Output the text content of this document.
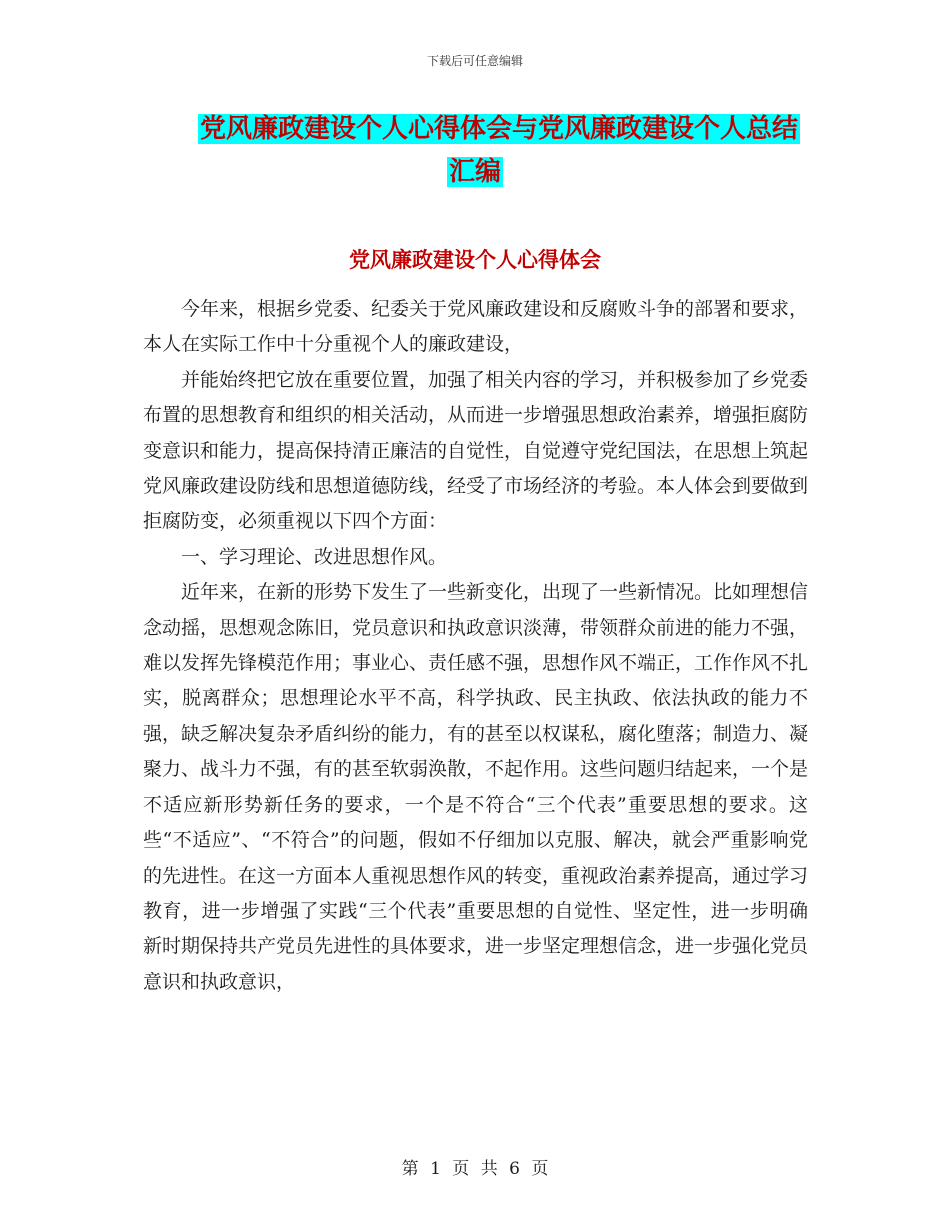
下载后可任意编辑
党风廉政建设个人心得体会与党风廉政建设个人总结
汇编
党风廉政建设个人心得体会

今年来，根据乡党委、纪委关于党风廉政建设和反腐败斗争的部署和要求，本人在实际工作中十分重视个人的廉政建设，

并能始终把它放在重要位置，加强了相关内容的学习，并积极参加了乡党委布置的思想教育和组织的相关活动，从而进一步增强思想政治素养，增强拒腐防变意识和能力，提高保持清正廉洁的自觉性，自觉遵守党纪国法，在思想上筑起党风廉政建设防线和思想道德防线，经受了市场经济的考验。本人体会到要做到拒腐防变，必须重视以下四个方面：

一、学习理论、改进思想作风。

近年来，在新的形势下发生了一些新变化，出现了一些新情况。比如理想信念动摇，思想观念陈旧，党员意识和执政意识淡薄，带领群众前进的能力不强，难以发挥先锋模范作用；事业心、责任感不强，思想作风不端正，工作作风不扎实，脱离群众；思想理论水平不高，科学执政、民主执政、依法执政的能力不强，缺乏解决复杂矛盾纠纷的能力，有的甚至以权谋私，腐化堕落；制造力、凝聚力、战斗力不强，有的甚至软弱涣散，不起作用。这些问题归结起来，一个是不适应新形势新任务的要求，一个是不符合“三个代表”重要思想的要求。这些“不适应”、“不符合”的问题，假如不仔细加以克服、解决，就会严重影响党的先进性。在这一方面本人重视思想作风的转变，重视政治素养提高，通过学习教育，进一步增强了实践“三个代表”重要思想的自觉性、坚定性，进一步明确新时期保持共产党员先进性的具体要求，进一步坚定理想信念，进一步强化党员意识和执政意识，

第 1 页 共 6 页
